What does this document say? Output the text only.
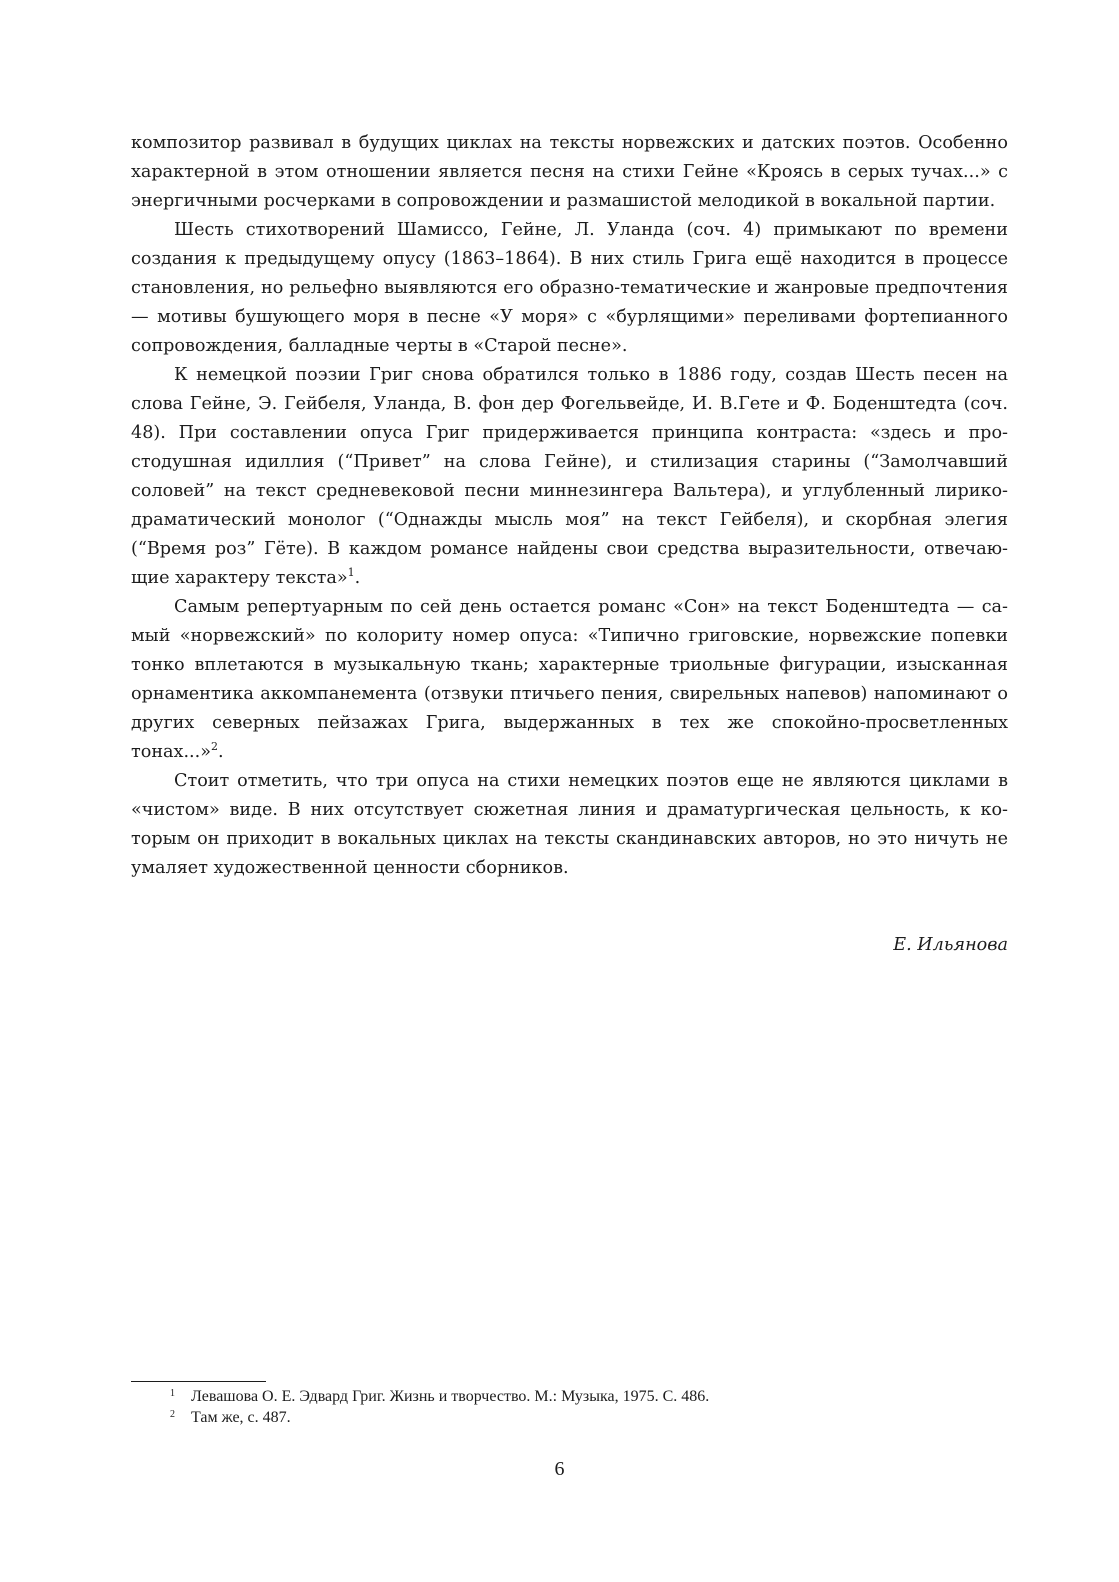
композитор развивал в будущих циклах на тексты норвежских и датских поэтов. Особенно характерной в этом отношении является песня на стихи Гейне «Кроясь в серых тучах...» с энергичными росчерками в сопровождении и размашистой мелодикой в вокальной партии.

Шесть стихотворений Шамиссо, Гейне, Л. Уланда (соч. 4) примыкают по времени создания к предыдущему опусу (1863–1864). В них стиль Грига ещё находится в процессе становления, но рельефно выявляются его образно-тематические и жанровые предпочтения — мотивы бушующего моря в песне «У моря» с «бурлящими» переливами фортепианного сопровождения, балладные черты в «Старой песне».

К немецкой поэзии Григ снова обратился только в 1886 году, создав Шесть песен на слова Гейне, Э. Гейбеля, Уланда, В. фон дер Фогельвейде, И. В.Гете и Ф. Боденштедта (соч. 48). При составлении опуса Григ придерживается принципа контраста: «здесь и простодушная идиллия (“Привет” на слова Гейне), и стилизация старины (“Замолчавший соловей” на текст средневековой песни миннезингера Вальтера), и углубленный лирико-драматический монолог (“Однажды мысль моя” на текст Гейбеля), и скорбная элегия (“Время роз” Гёте). В каждом романсе найдены свои средства выразительности, отвечающие характеру текста»$^1$.

Самым репертуарным по сей день остается романс «Сон» на текст Боденштедта — самый «норвежский» по колориту номер опуса: «Типично григовские, норвежские попевки тонко вплетаются в музыкальную ткань; характерные триольные фигурации, изысканная орнаментика аккомпанемента (отзвуки птичьего пения, свирельных напевов) напоминают о других северных пейзажах Грига, выдержанных в тех же спокойно-просветленных тонах...»$^2$.

Стоит отметить, что три опуса на стихи немецких поэтов еще не являются циклами в «чистом» виде. В них отсутствует сюжетная линия и драматургическая цельность, к которым он приходит в вокальных циклах на тексты скандинавских авторов, но это ничуть не умаляет художественной ценности сборников.

Е. Ильянова
1	Левашова О. Е. Эдвард Григ. Жизнь и творчество. М.: Музыка, 1975. С. 486.
2	Там же, с. 487.
6
